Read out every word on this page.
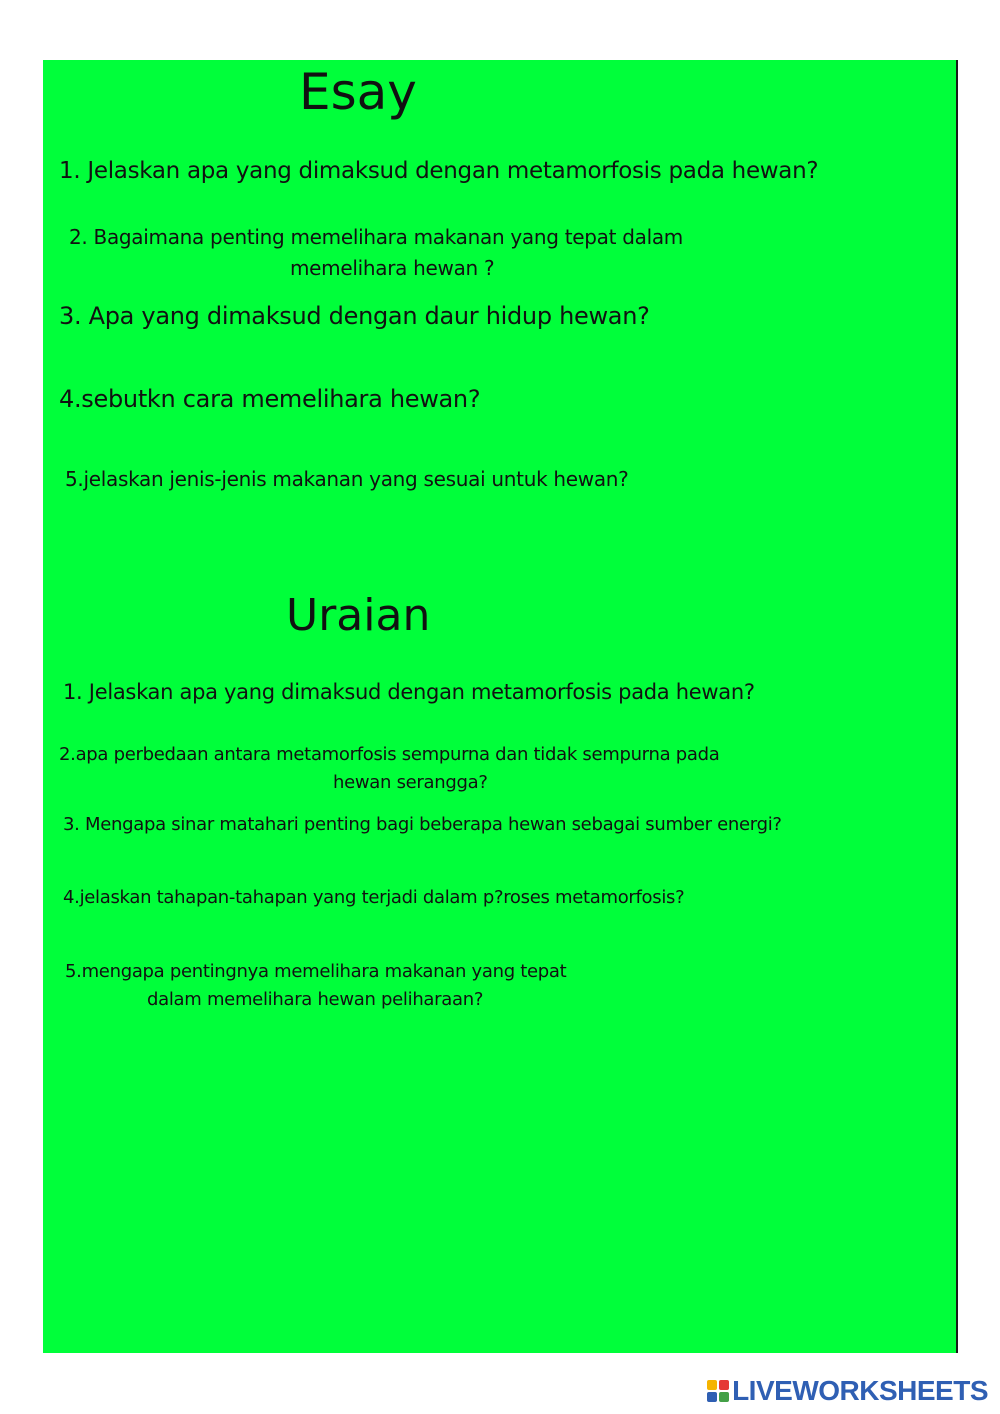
Esay

1. Jelaskan apa yang dimaksud dengan metamorfosis pada hewan?

2. Bagaimana penting memelihara makanan yang tepat dalam

memelihara hewan ?

3. Apa yang dimaksud dengan daur hidup hewan?

4.sebutkn cara memelihara hewan?

5.jelaskan jenis-jenis makanan yang sesuai untuk hewan?

Uraian

1. Jelaskan apa yang dimaksud dengan metamorfosis pada hewan?

2.apa perbedaan antara metamorfosis sempurna dan tidak sempurna pada

hewan serangga?

3. Mengapa sinar matahari penting bagi beberapa hewan sebagai sumber energi?

4.jelaskan tahapan-tahapan yang terjadi dalam p?roses metamorfosis?

5.mengapa pentingnya memelihara makanan yang tepat

dalam memelihara hewan peliharaan?

LIVEWORKSHEETS
